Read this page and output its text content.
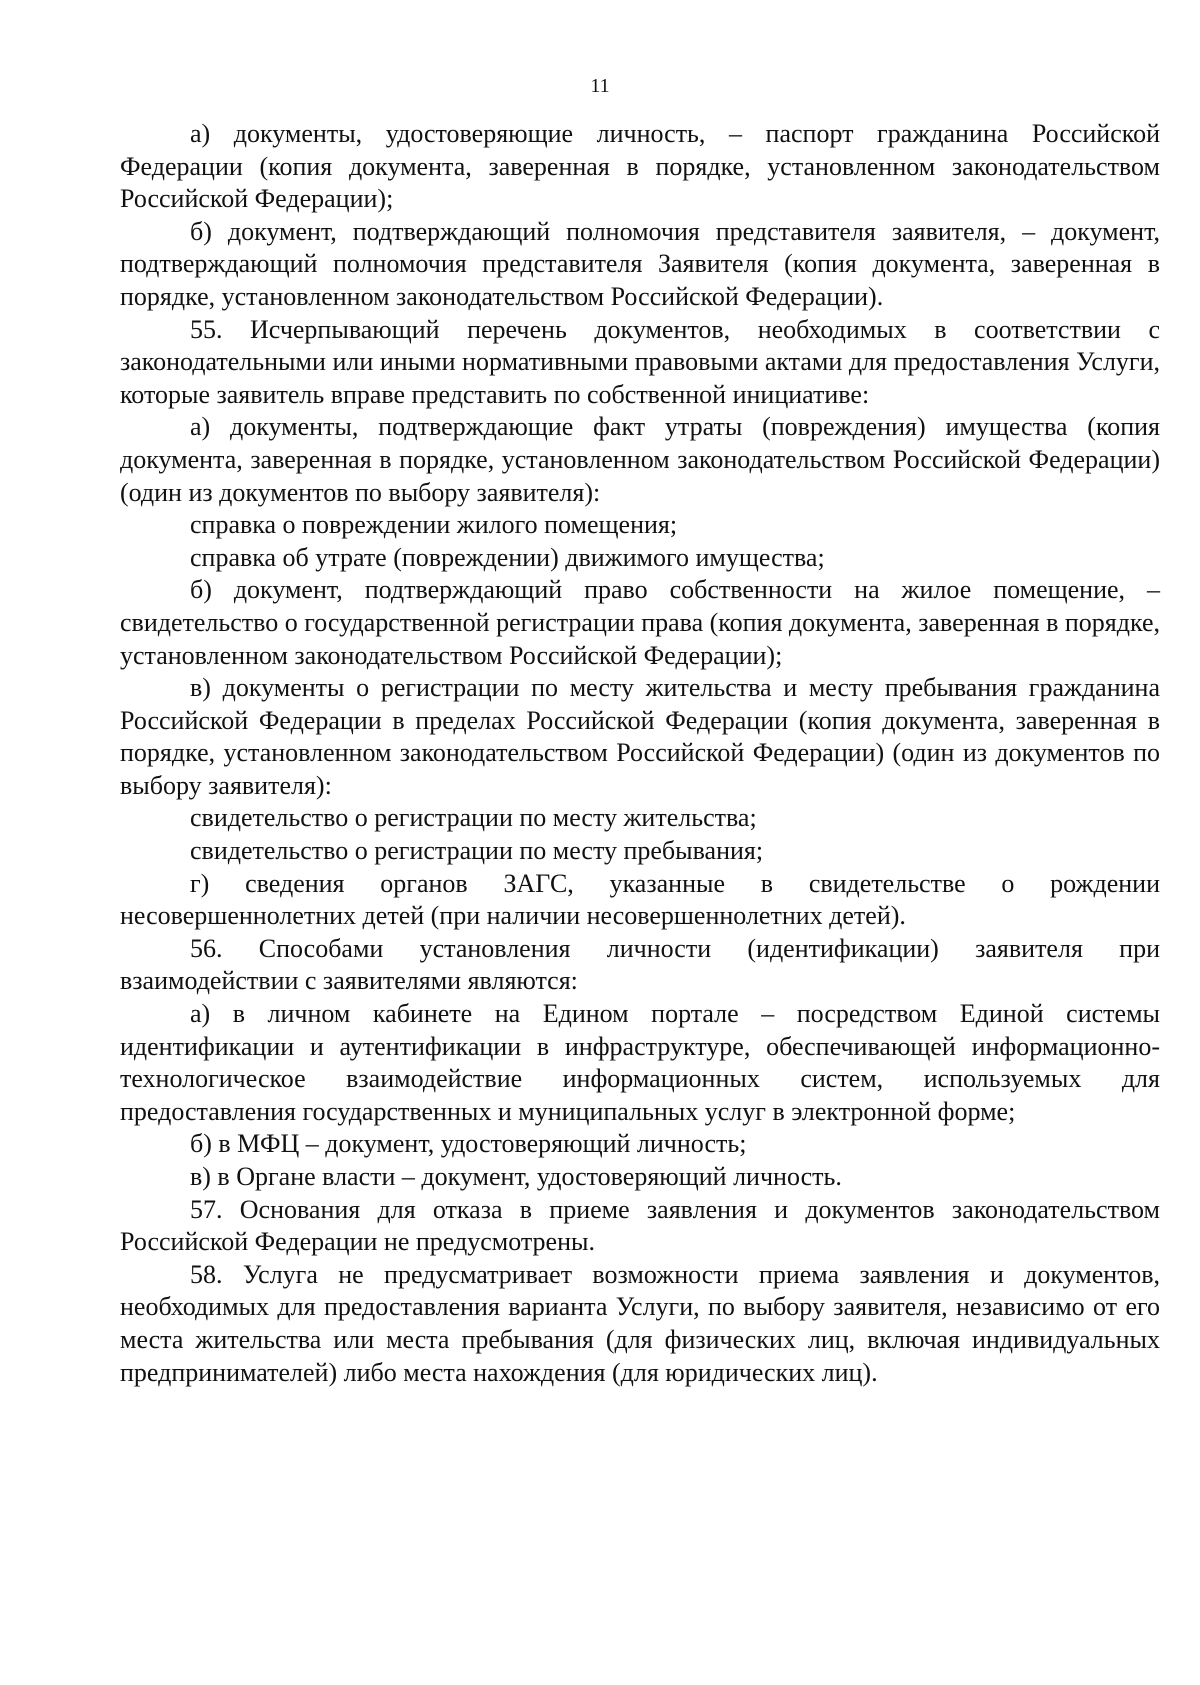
11

а) документы, удостоверяющие личность, – паспорт гражданина Российской Федерации (копия документа, заверенная в порядке, установленном законодательством Российской Федерации);

б) документ, подтверждающий полномочия представителя заявителя, – документ, подтверждающий полномочия представителя Заявителя (копия документа, заверенная в порядке, установленном законодательством Российской Федерации).

55. Исчерпывающий перечень документов, необходимых в соответствии с законодательными или иными нормативными правовыми актами для предоставления Услуги, которые заявитель вправе представить по собственной инициативе:

а) документы, подтверждающие факт утраты (повреждения) имущества (копия документа, заверенная в порядке, установленном законодательством Российской Федерации) (один из документов по выбору заявителя):

справка о повреждении жилого помещения;

справка об утрате (повреждении) движимого имущества;

б) документ, подтверждающий право собственности на жилое помещение, – свидетельство о государственной регистрации права (копия документа, заверенная в порядке, установленном законодательством Российской Федерации);

в) документы о регистрации по месту жительства и месту пребывания гражданина Российской Федерации в пределах Российской Федерации (копия документа, заверенная в порядке, установленном законодательством Российской Федерации) (один из документов по выбору заявителя):

свидетельство о регистрации по месту жительства;

свидетельство о регистрации по месту пребывания;

г) сведения органов ЗАГС, указанные в свидетельстве о рождении несовершеннолетних детей (при наличии несовершеннолетних детей).

56. Способами установления личности (идентификации) заявителя при взаимодействии с заявителями являются:

а) в личном кабинете на Едином портале – посредством Единой системы идентификации и аутентификации в инфраструктуре, обеспечивающей информационно-технологическое взаимодействие информационных систем, используемых для предоставления государственных и муниципальных услуг в электронной форме;

б) в МФЦ – документ, удостоверяющий личность;

в) в Органе власти – документ, удостоверяющий личность.

57. Основания для отказа в приеме заявления и документов законодательством Российской Федерации не предусмотрены.

58. Услуга не предусматривает возможности приема заявления и документов, необходимых для предоставления варианта Услуги, по выбору заявителя, независимо от его места жительства или места пребывания (для физических лиц, включая индивидуальных предпринимателей) либо места нахождения (для юридических лиц).
